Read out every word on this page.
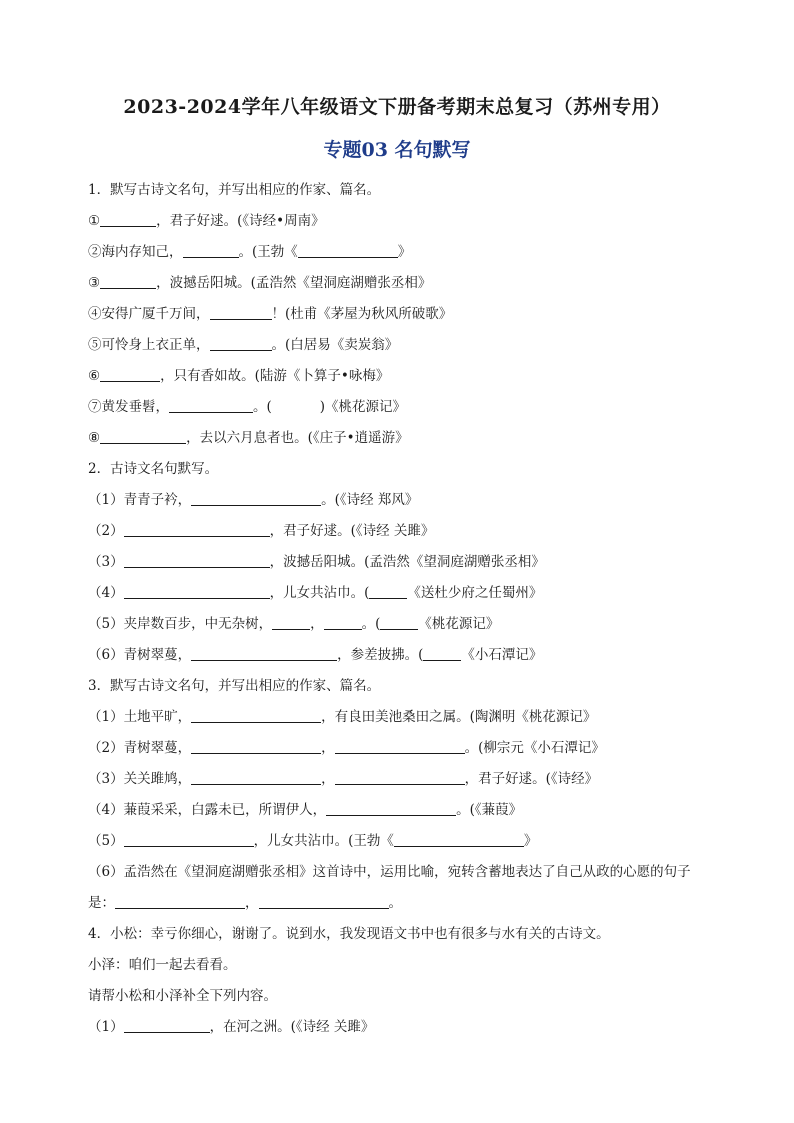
2023-2024学年八年级语文下册备考期末总复习（苏州专用）
专题03 名句默写
1．默写古诗文名句，并写出相应的作家、篇名。
①	，君子好逑。(《诗经•周南》
②海内存知己，	。(王勃《	》
③	，波撼岳阳城。(孟浩然《望洞庭湖赠张丞相》
④安得广厦千万间，	！(杜甫《茅屋为秋风所破歌》
⑤可怜身上衣正单，	。(白居易《卖炭翁》
⑥	，只有香如故。(陆游《卜算子•咏梅》
⑦黄发垂髫，	。(	)《桃花源记》
⑧	，去以六月息者也。(《庄子•逍遥游》
2．古诗文名句默写。
（1）青青子衿，	。(《诗经 郑风》
（2）	，君子好逑。(《诗经 关雎》
（3）	，波撼岳阳城。(孟浩然《望洞庭湖赠张丞相》
（4）	，儿女共沾巾。(	《送杜少府之任蜀州》
（5）夹岸数百步，中无杂树，	，	。(	《桃花源记》
（6）青树翠蔓，	，参差披拂。(	《小石潭记》
3．默写古诗文名句，并写出相应的作家、篇名。
（1）土地平旷，	，有良田美池桑田之属。(陶渊明《桃花源记》
（2）青树翠蔓，	，	。(柳宗元《小石潭记》
（3）关关雎鸠，	，	，君子好逑。(《诗经》
（4）蒹葭采采，白露未已，所谓伊人，	。(《蒹葭》
（5）	，儿女共沾巾。(王勃《	》
（6）孟浩然在《望洞庭湖赠张丞相》这首诗中，运用比喻，宛转含蓄地表达了自己从政的心愿的句子
是：	，	。
4．小松：幸亏你细心，谢谢了。说到水，我发现语文书中也有很多与水有关的古诗文。
小泽：咱们一起去看看。
请帮小松和小泽补全下列内容。
（1）	，在河之洲。(《诗经 关雎》
